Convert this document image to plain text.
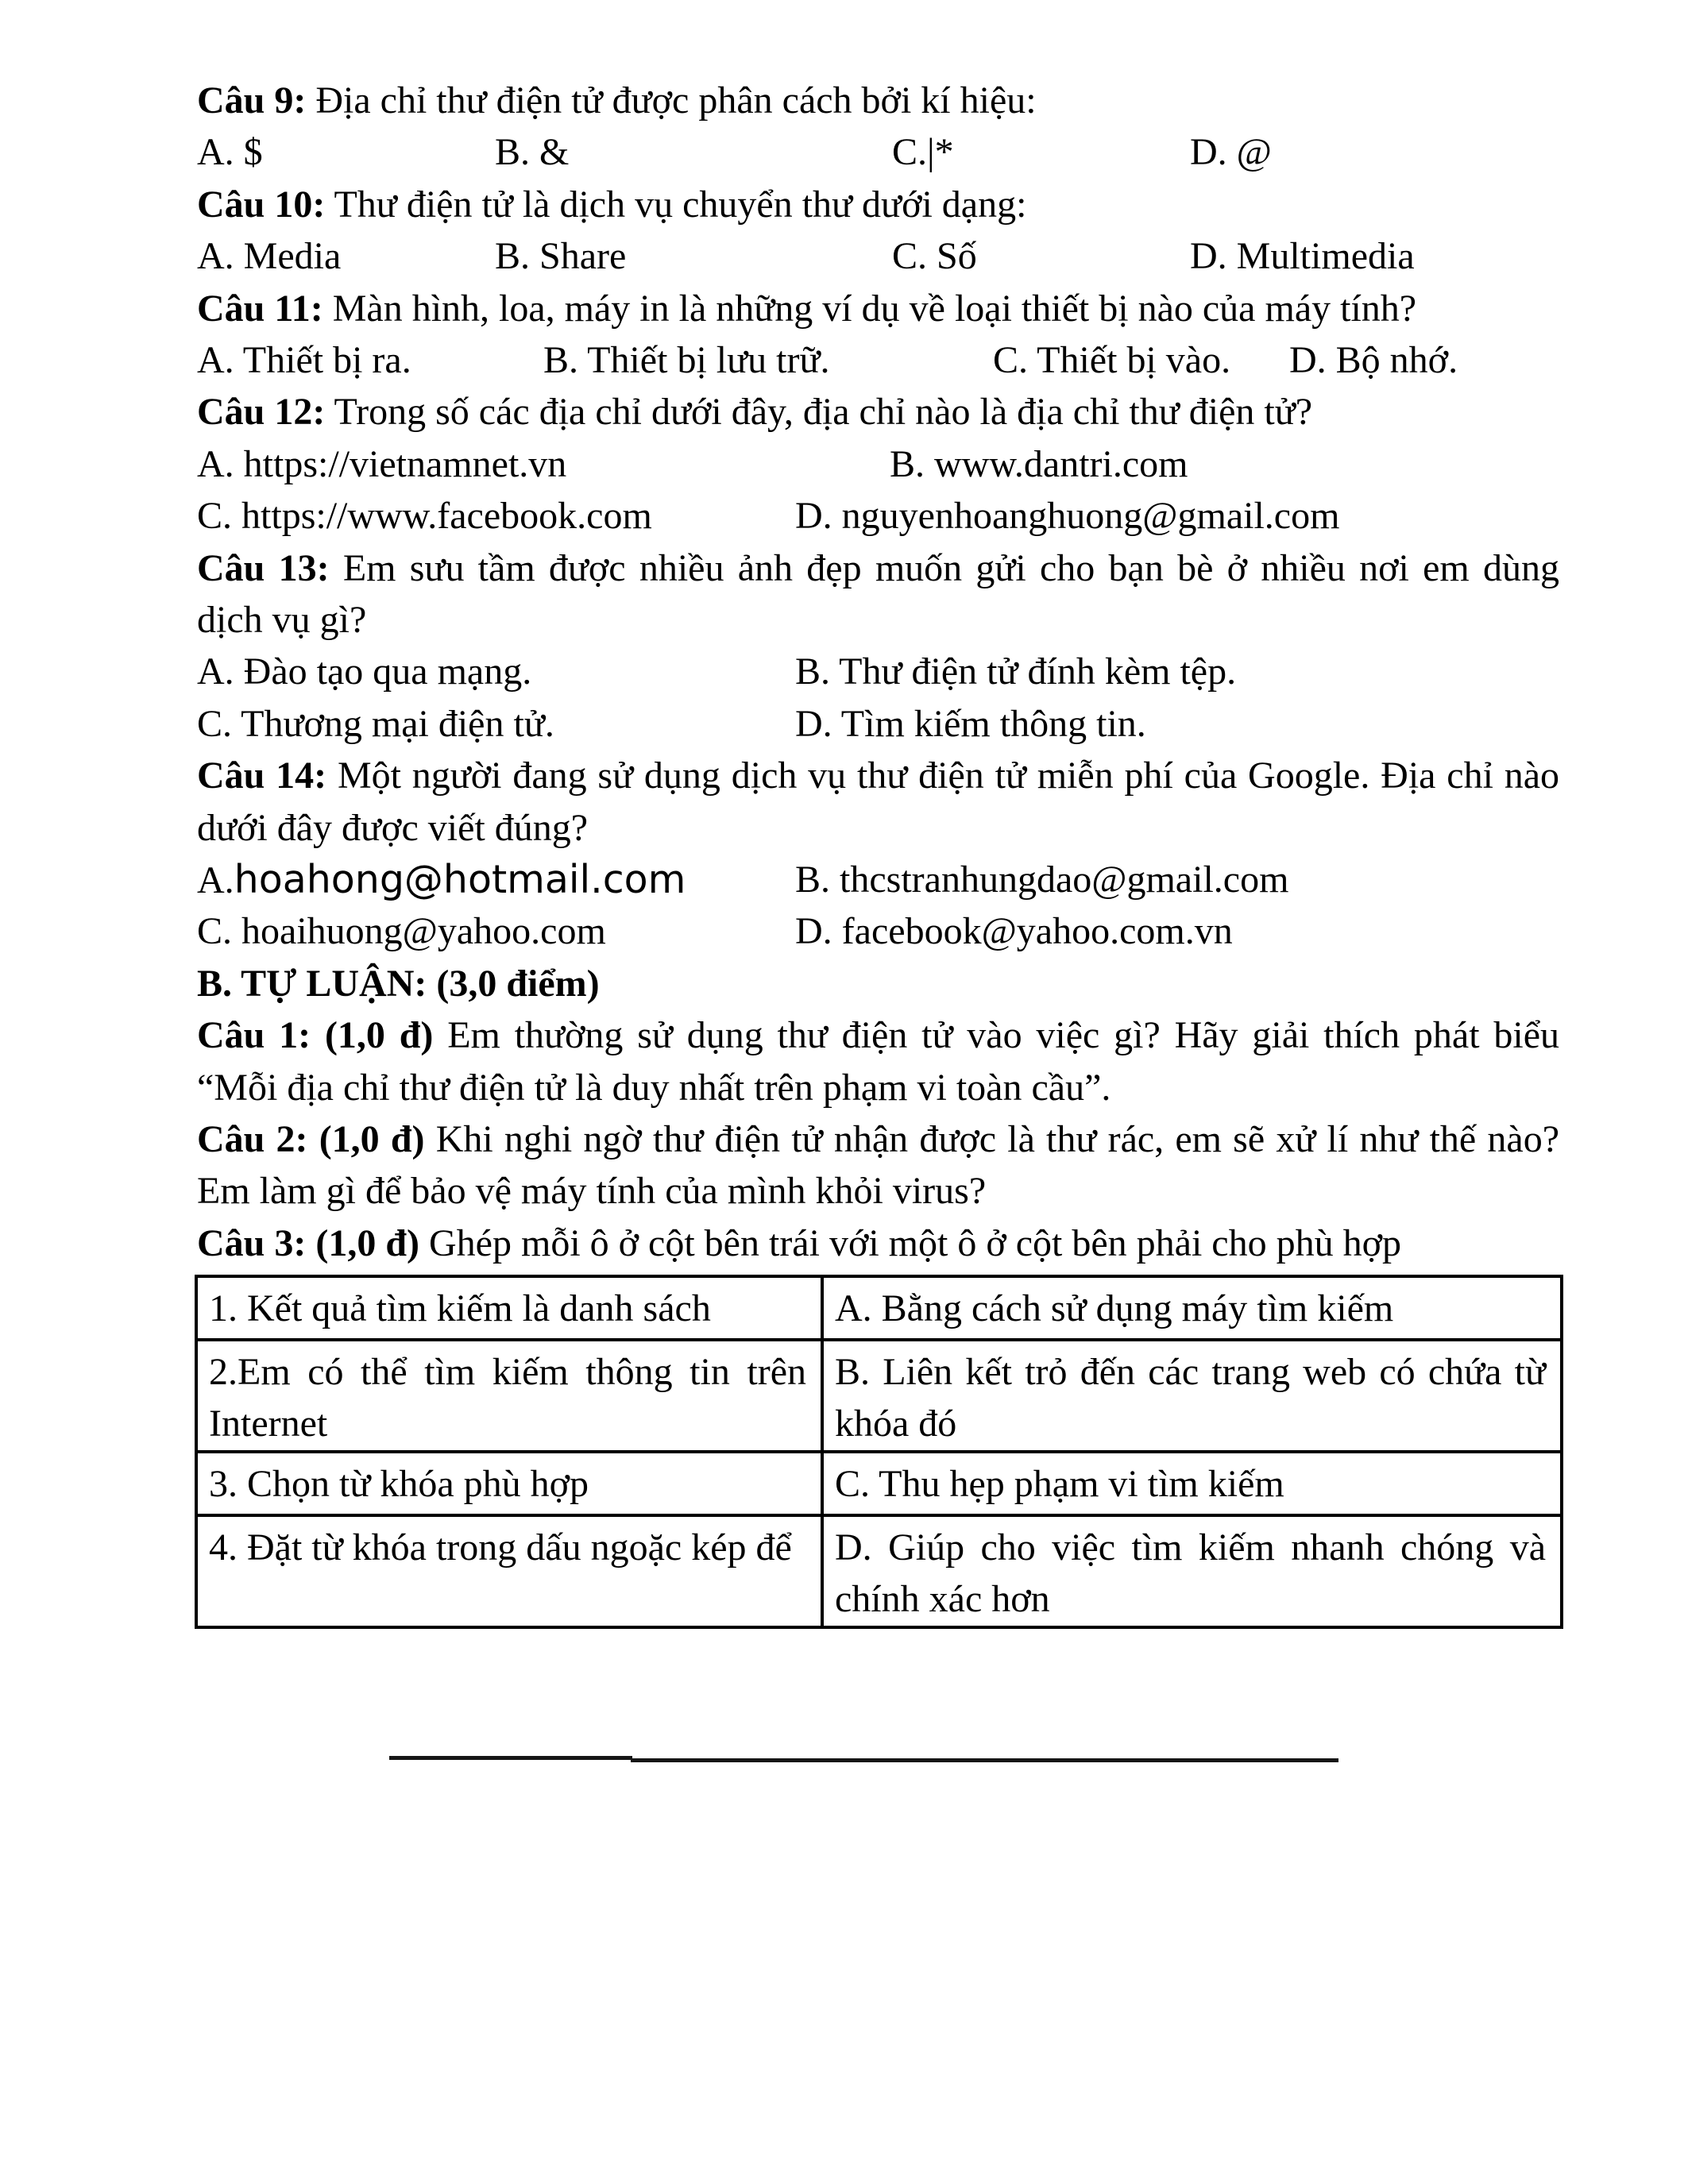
Câu 9: Địa chỉ thư điện tử được phân cách bởi kí hiệu:

A. $	B. &	C.|*	D. @

Câu 10: Thư điện tử là dịch vụ chuyển thư dưới dạng:

A. Media	B. Share	C. Số	D. Multimedia

Câu 11: Màn hình, loa, máy in là những ví dụ về loại thiết bị nào của máy tính?

A. Thiết bị ra.	B. Thiết bị lưu trữ.	C. Thiết bị vào. D. Bộ nhớ.

Câu 12: Trong số các địa chỉ dưới đây, địa chỉ nào là địa chỉ thư điện tử?

A. https://vietnamnet.vn	B. www.dantri.com
C. https://www.facebook.com	D. nguyenhoanghuong@gmail.com

Câu 13: Em sưu tầm được nhiều ảnh đẹp muốn gửi cho bạn bè ở nhiều nơi em dùng dịch vụ gì?

A. Đào tạo qua mạng.	B. Thư điện tử đính kèm tệp.
C. Thương mại điện tử.	D. Tìm kiếm thông tin.

Câu 14: Một người đang sử dụng dịch vụ thư điện tử miễn phí của Google. Địa chỉ nào dưới đây được viết đúng?

A.hoahong@hotmail.com	B. thcstranhungdao@gmail.com
C. hoaihuong@yahoo.com	D. facebook@yahoo.com.vn

B. TỰ LUẬN: (3,0 điểm)

Câu 1: (1,0 đ) Em thường sử dụng thư điện tử vào việc gì? Hãy giải thích phát biểu “Mỗi địa chỉ thư điện tử là duy nhất trên phạm vi toàn cầu”.

Câu 2: (1,0 đ) Khi nghi ngờ thư điện tử nhận được là thư rác, em sẽ xử lí như thế nào? Em làm gì để bảo vệ máy tính của mình khỏi virus?

Câu 3: (1,0 đ) Ghép mỗi ô ở cột bên trái với một ô ở cột bên phải cho phù hợp

1. Kết quả tìm kiếm là danh sách	A. Bằng cách sử dụng máy tìm kiếm
2.Em có thể tìm kiếm thông tin trên Internet	B. Liên kết trỏ đến các trang web có chứa từ khóa đó
3. Chọn từ khóa phù hợp	C. Thu hẹp phạm vi tìm kiếm
4. Đặt từ khóa trong dấu ngoặc kép để	D. Giúp cho việc tìm kiếm nhanh chóng và chính xác hơn
